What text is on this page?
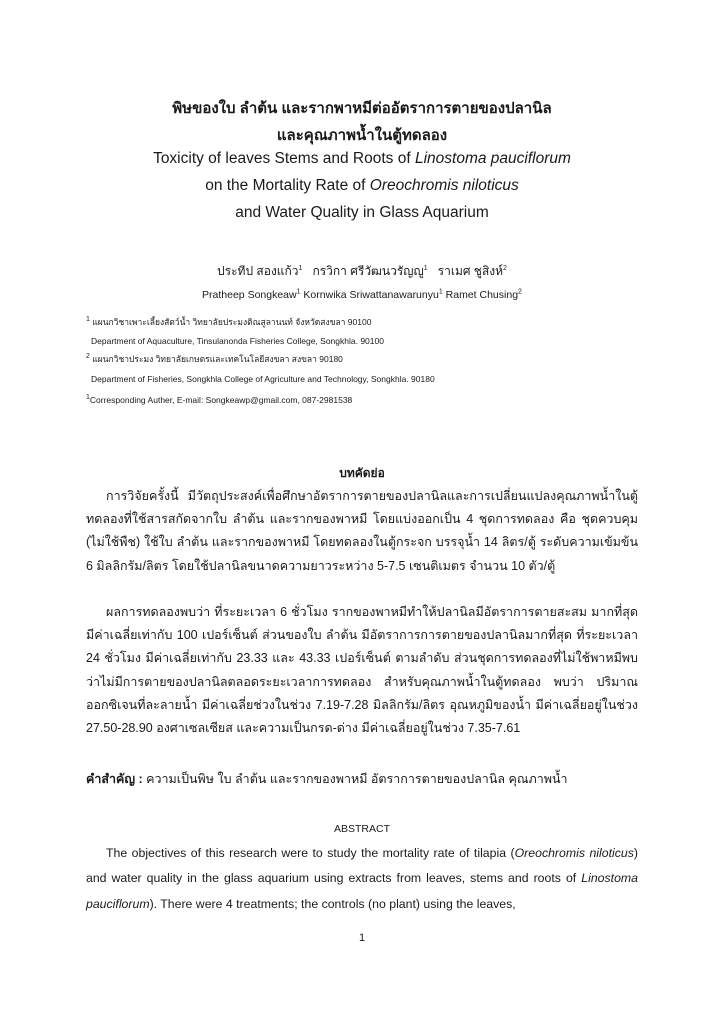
พิษของใบ ลำต้น และรากพาหมีต่ออัตราการตายของปลานิล
และคุณภาพน้ำในตู้ทดลอง
Toxicity of leaves Stems and Roots of Linostoma pauciflorum
on the Mortality Rate of Oreochromis niloticus
and Water Quality in Glass Aquarium
ประทีป สองแก้ว$^1$ กรวิกา ศรีวัฒนวรัญญู$^1$ ราเมศ ชูสิงห์$^2$
Pratheep Songkeaw$^1$ Kornwika Sriwattanawarunyu$^1$ Ramet Chusing$^2$
$^1$ แผนกวิชาเพาะเลี้ยงสัตว์น้ำ วิทยาลัยประมงติณสูลานนท์ จังหวัดสงขลา 90100
Department of Aquaculture, Tinsulanonda Fisheries College, Songkhla. 90100
$^2$ แผนกวิชาประมง วิทยาลัยเกษตรและเทคโนโลยีสงขลา สงขลา 90180
Department of Fisheries, Songkhla College of Agriculture and Technology, Songkhla. 90180
$^1$Corresponding Auther, E-mail: Songkeawp@gmail.com, 087-2981538
บทคัดย่อ
การวิจัยครั้งนี้ มีวัตถุประสงค์เพื่อศึกษาอัตราการตายของปลานิลและการเปลี่ยนแปลงคุณภาพน้ำในตู้ทดลองที่ใช้สารสกัดจากใบ ลำต้น และรากของพาหมี โดยแบ่งออกเป็น 4 ชุดการทดลอง คือ ชุดควบคุม (ไม่ใช้พืช) ใช้ใบ ลำต้น และรากของพาหมี โดยทดลองในตู้กระจก บรรจุน้ำ 14 ลิตร/ตู้ ระดับความเข้มข้น 6 มิลลิกรัม/ลิตร โดยใช้ปลานิลขนาดความยาวระหว่าง 5-7.5 เซนติเมตร จำนวน 10 ตัว/ตู้
ผลการทดลองพบว่า ที่ระยะเวลา 6 ชั่วโมง รากของพาหมีทำให้ปลานิลมีอัตราการตายสะสม มากที่สุด มีค่าเฉลี่ยเท่ากับ 100 เปอร์เซ็นต์ ส่วนของใบ ลำต้น มีอัตราการการตายของปลานิลมากที่สุด ที่ระยะเวลา 24 ชั่วโมง มีค่าเฉลี่ยเท่ากับ 23.33 และ 43.33 เปอร์เซ็นต์ ตามลำดับ ส่วนชุดการทดลองที่ไม่ใช้พาหมีพบว่าไม่มีการตายของปลานิลตลอดระยะเวลาการทดลอง สำหรับคุณภาพน้ำในตู้ทดลอง พบว่า ปริมาณออกซิเจนที่ละลายน้ำ มีค่าเฉลี่ยช่วงในช่วง 7.19-7.28 มิลลิกรัม/ลิตร อุณหภูมิของน้ำ มีค่าเฉลี่ยอยู่ในช่วง 27.50-28.90 องศาเซลเซียส และความเป็นกรด-ด่าง มีค่าเฉลี่ยอยู่ในช่วง 7.35-7.61
คำสำคัญ : ความเป็นพิษ ใบ ลำต้น และรากของพาหมี อัตราการตายของปลานิล คุณภาพน้ำ
ABSTRACT
The objectives of this research were to study the mortality rate of tilapia (Oreochromis niloticus) and water quality in the glass aquarium using extracts from leaves, stems and roots of Linostoma pauciflorum). There were 4 treatments; the controls (no plant) using the leaves,
1
